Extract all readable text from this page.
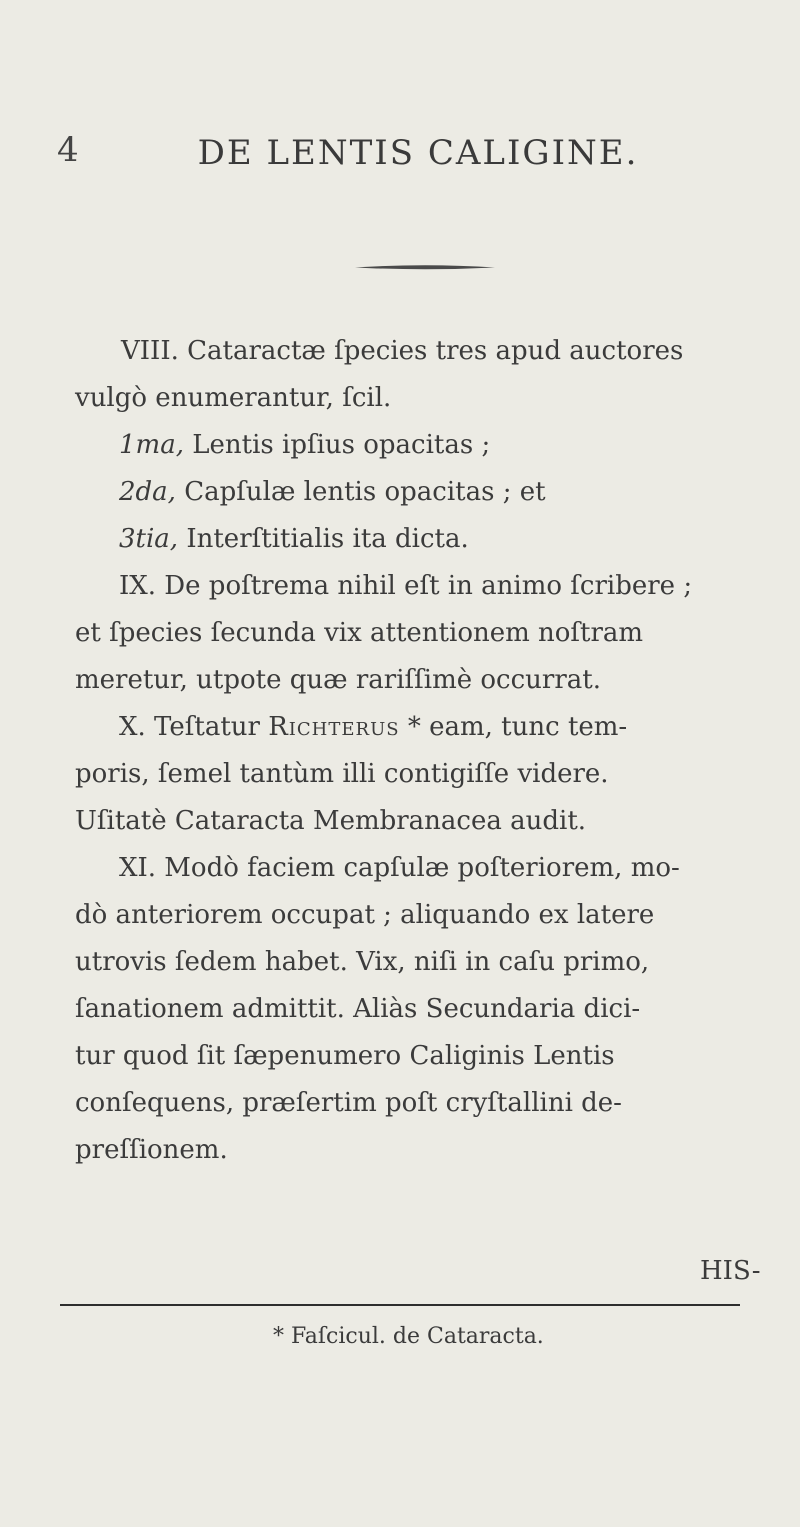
4	DE LENTIS CALIGINE.
VIII. Cataractæ ſpecies tres apud auctores
vulgò enumerantur, ſcil.
1ma, Lentis ipſius opacitas ;
2da, Capſulæ lentis opacitas ; et
3tia, Interſtitialis ita dicta.
IX. De poſtrema nihil eſt in animo ſcribere ;
et ſpecies ſecunda vix attentionem noſtram
meretur, utpote quæ rariſſimè occurrat.
X. Teſtatur Richterus * eam, tunc tem-
poris, ſemel tantùm illi contigiſſe videre.
Uſitatè Cataracta Membranacea audit.
XI. Modò faciem capſulæ poſteriorem, mo-
dò anteriorem occupat ; aliquando ex latere
utrovis ſedem habet. Vix, niſi in caſu primo,
ſanationem admittit. Aliàs Secundaria dici-
tur quod ſit ſæpenumero Caliginis Lentis
conſequens, præſertim poſt cryſtallini de-
preſſionem.
HIS-
* Faſcicul. de Cataracta.
